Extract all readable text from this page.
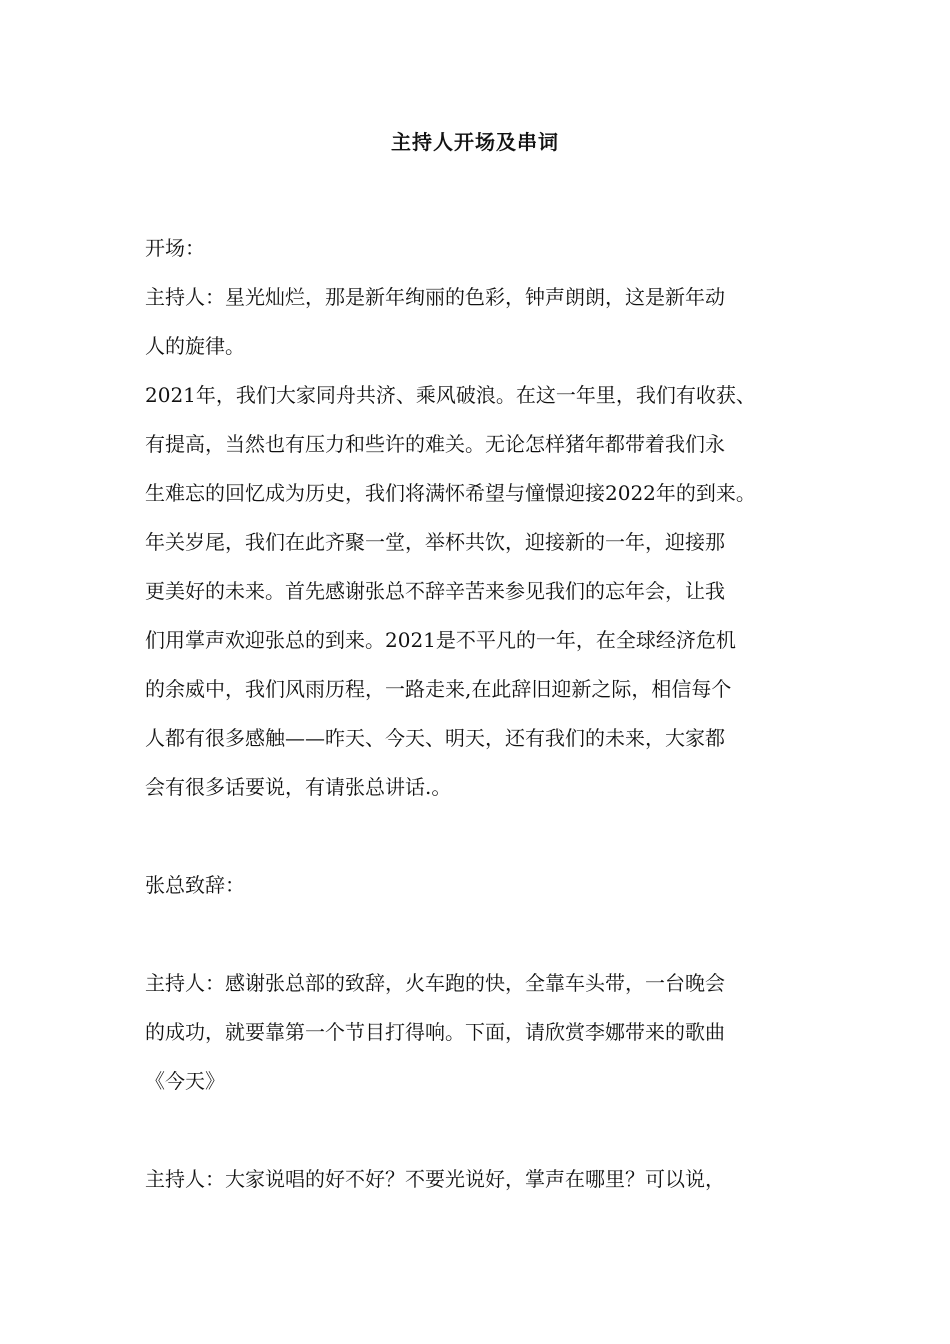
主持人开场及串词

开场：

主持人：星光灿烂，那是新年绚丽的色彩，钟声朗朗，这是新年动

人的旋律。

2021年，我们大家同舟共济、乘风破浪。在这一年里，我们有收获、

有提高，当然也有压力和些许的难关。无论怎样猪年都带着我们永

生难忘的回忆成为历史，我们将满怀希望与憧憬迎接2022年的到来。

年关岁尾，我们在此齐聚一堂，举杯共饮，迎接新的一年，迎接那

更美好的未来。首先感谢张总不辞辛苦来参见我们的忘年会，让我

们用掌声欢迎张总的到来。2021是不平凡的一年，在全球经济危机

的余威中，我们风雨历程，一路走来,在此辞旧迎新之际，相信每个

人都有很多感触——昨天、今天、明天，还有我们的未来，大家都

会有很多话要说，有请张总讲话.。

张总致辞：

主持人：感谢张总部的致辞，火车跑的快，全靠车头带，一台晚会

的成功，就要靠第一个节目打得响。下面，请欣赏李娜带来的歌曲

《今天》

主持人：大家说唱的好不好？不要光说好，掌声在哪里？可以说，
